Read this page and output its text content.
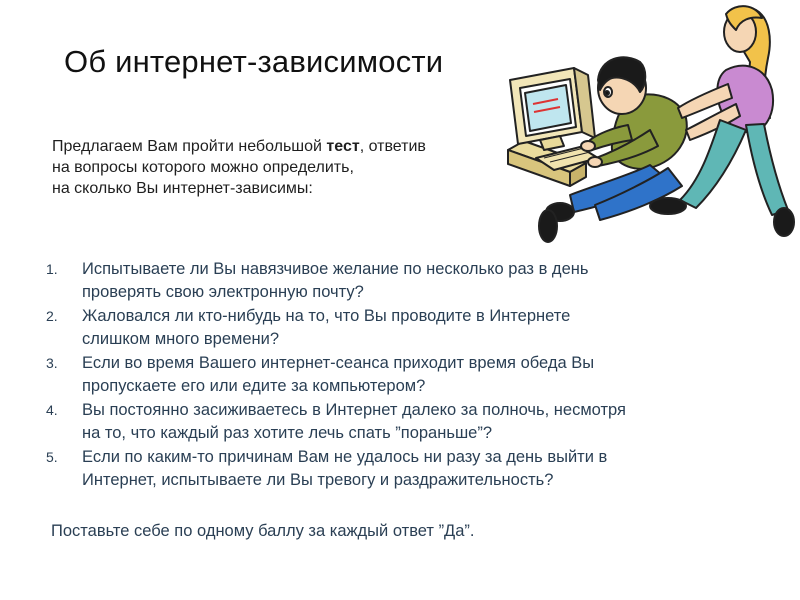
Об интернет-зависимости
Предлагаем Вам пройти небольшой тест, ответив
на вопросы которого можно определить,
на сколько Вы интернет-зависимы:
1. Испытываете ли Вы навязчивое желание по несколько раз в день
проверять свою электронную почту?
2. Жаловался ли кто-нибудь на то, что Вы проводите в Интернете
слишком много времени?
3. Если во время Вашего интернет-сеанса приходит время обеда Вы
пропускаете его или едите за компьютером?
4. Вы постоянно засиживаетесь в Интернет далеко за полночь, несмотря
на то, что каждый раз хотите лечь спать ”пораньше”?
5. Если по каким-то причинам Вам не удалось ни разу за день выйти в
Интернет, испытываете ли Вы тревогу и раздражительность?
Поставьте себе по одному баллу за каждый ответ ”Да”.
